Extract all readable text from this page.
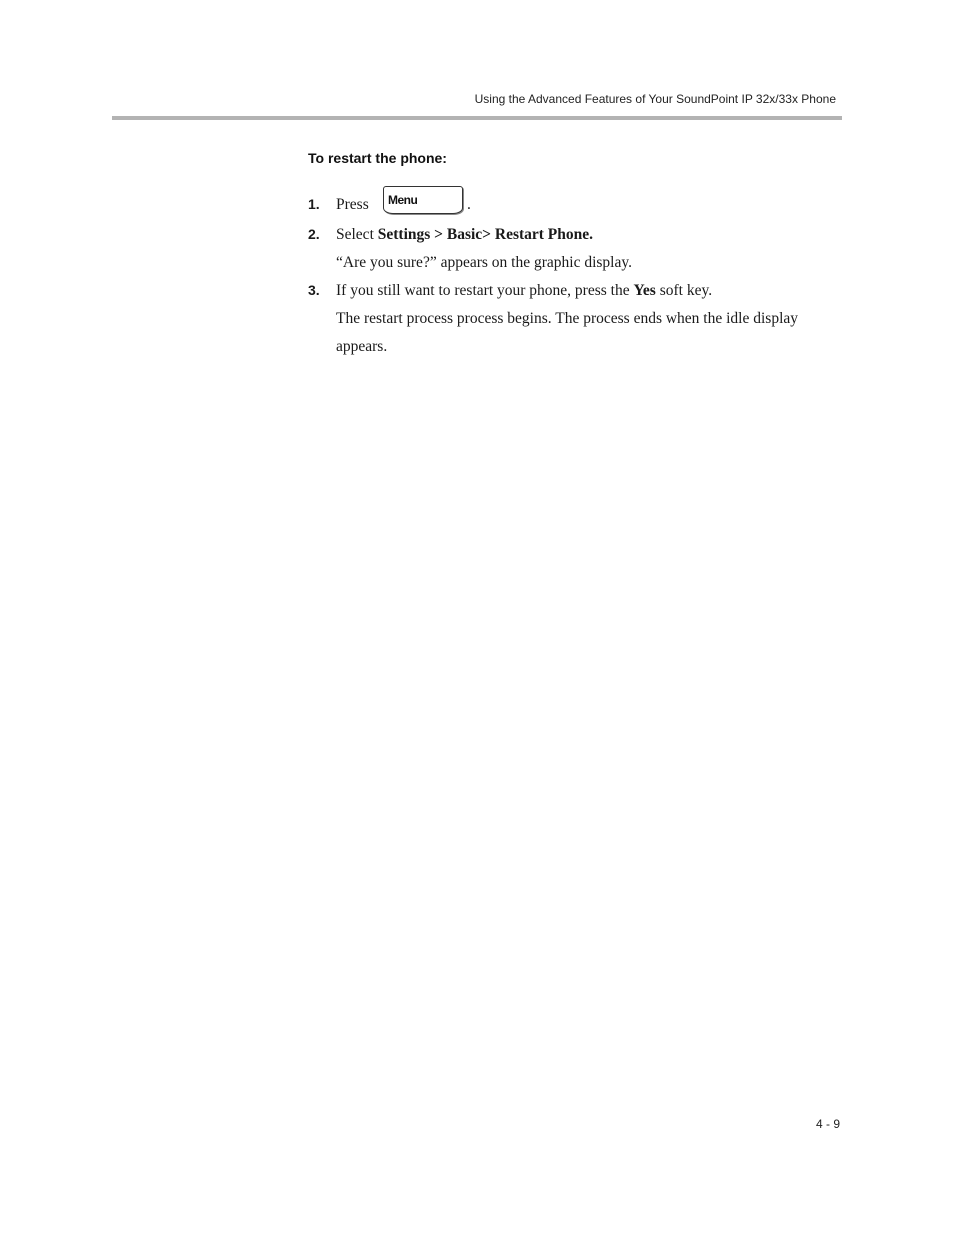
Using the Advanced Features of Your SoundPoint IP 32x/33x Phone
To restart the phone:
1. Press Menu	.
2. Select Settings > Basic> Restart Phone.
“Are you sure?” appears on the graphic display.
3. If you still want to restart your phone, press the Yes soft key.
The restart process process begins. The process ends when the idle display
appears.
4 - 9
